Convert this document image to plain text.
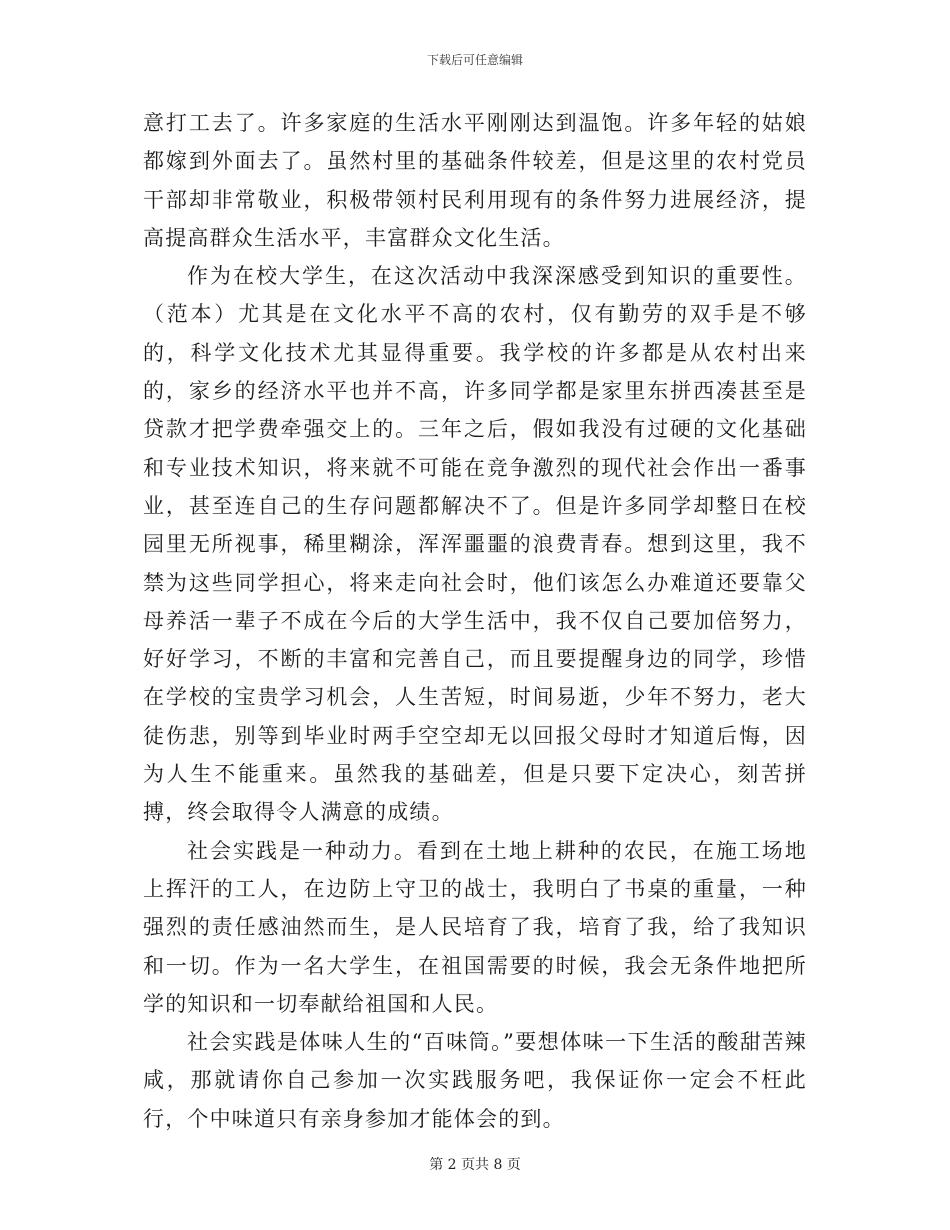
下载后可任意编辑

意打工去了。许多家庭的生活水平刚刚达到温饱。许多年轻的姑娘都嫁到外面去了。虽然村里的基础条件较差，但是这里的农村党员干部却非常敬业，积极带领村民利用现有的条件努力进展经济，提高提高群众生活水平，丰富群众文化生活。

作为在校大学生，在这次活动中我深深感受到知识的重要性。（范本）尤其是在文化水平不高的农村，仅有勤劳的双手是不够的，科学文化技术尤其显得重要。我学校的许多都是从农村出来的，家乡的经济水平也并不高，许多同学都是家里东拼西凑甚至是贷款才把学费牵强交上的。三年之后，假如我没有过硬的文化基础和专业技术知识，将来就不可能在竞争激烈的现代社会作出一番事业，甚至连自己的生存问题都解决不了。但是许多同学却整日在校园里无所视事，稀里糊涂，浑浑噩噩的浪费青春。想到这里，我不禁为这些同学担心，将来走向社会时，他们该怎么办难道还要靠父母养活一辈子不成在今后的大学生活中，我不仅自己要加倍努力，好好学习，不断的丰富和完善自己，而且要提醒身边的同学，珍惜在学校的宝贵学习机会，人生苦短，时间易逝，少年不努力，老大徒伤悲，别等到毕业时两手空空却无以回报父母时才知道后悔，因为人生不能重来。虽然我的基础差，但是只要下定决心，刻苦拼搏，终会取得令人满意的成绩。

社会实践是一种动力。看到在土地上耕种的农民，在施工场地上挥汗的工人，在边防上守卫的战士，我明白了书桌的重量，一种强烈的责任感油然而生，是人民培育了我，培育了我，给了我知识和一切。作为一名大学生，在祖国需要的时候，我会无条件地把所学的知识和一切奉献给祖国和人民。

社会实践是体味人生的“百味筒。”要想体味一下生活的酸甜苦辣咸，那就请你自己参加一次实践服务吧，我保证你一定会不枉此行，个中味道只有亲身参加才能体会的到。

第 2 页共 8 页
